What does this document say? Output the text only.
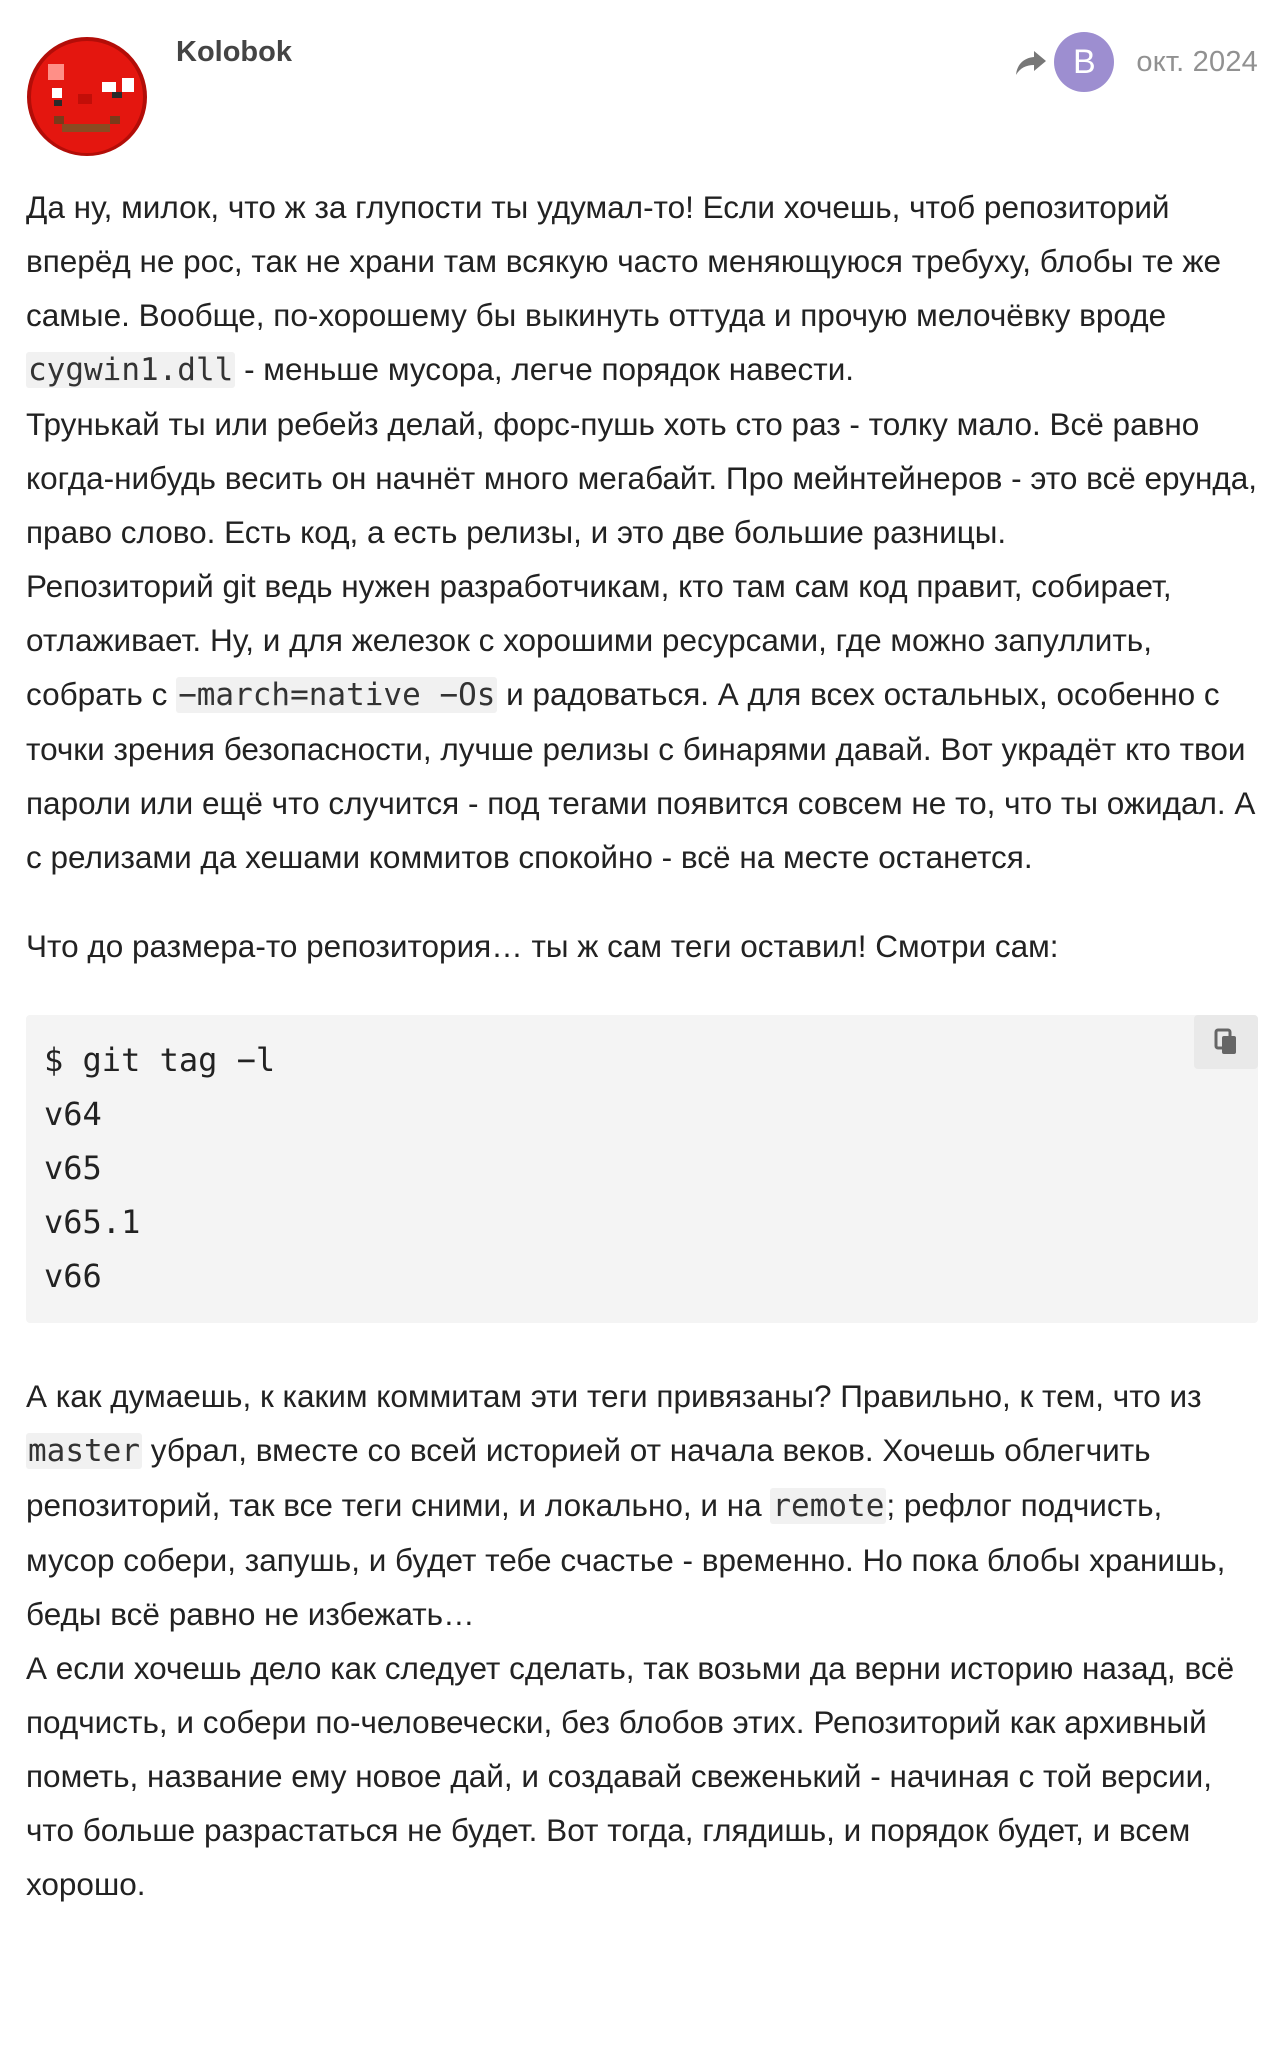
Kolobok	B	окт. 2024

Да ну, милок, что ж за глупости ты удумал-то! Если хочешь, чтоб репозиторий вперёд не рос, так не храни там всякую часто меняющуюся требуху, блобы те же самые. Вообще, по-хорошему бы выкинуть оттуда и прочую мелочёвку вроде cygwin1.dll - меньше мусора, легче порядок навести.
Трунькай ты или ребейз делай, форс-пушь хоть сто раз - толку мало. Всё равно когда-нибудь весить он начнёт много мегабайт. Про мейнтейнеров - это всё ерунда, право слово. Есть код, а есть релизы, и это две большие разницы.
Репозиторий git ведь нужен разработчикам, кто там сам код правит, собирает, отлаживает. Ну, и для железок с хорошими ресурсами, где можно запуллить, собрать с −march=native −Os и радоваться. А для всех остальных, особенно с точки зрения безопасности, лучше релизы с бинарями давай. Вот украдёт кто твои пароли или ещё что случится - под тегами появится совсем не то, что ты ожидал. А с релизами да хешами коммитов спокойно - всё на месте останется.

Что до размера-то репозитория… ты ж сам теги оставил! Смотри сам:

$ git tag −l
v64
v65
v65.1
v66

А как думаешь, к каким коммитам эти теги привязаны? Правильно, к тем, что из master убрал, вместе со всей историей от начала веков. Хочешь облегчить репозиторий, так все теги сними, и локально, и на remote; рефлог подчисть, мусор собери, запушь, и будет тебе счастье - временно. Но пока блобы хранишь, беды всё равно не избежать…
А если хочешь дело как следует сделать, так возьми да верни историю назад, всё подчисть, и собери по-человечески, без блобов этих. Репозиторий как архивный пометь, название ему новое дай, и создавай свеженький - начиная с той версии, что больше разрастаться не будет. Вот тогда, глядишь, и порядок будет, и всем хорошо.
